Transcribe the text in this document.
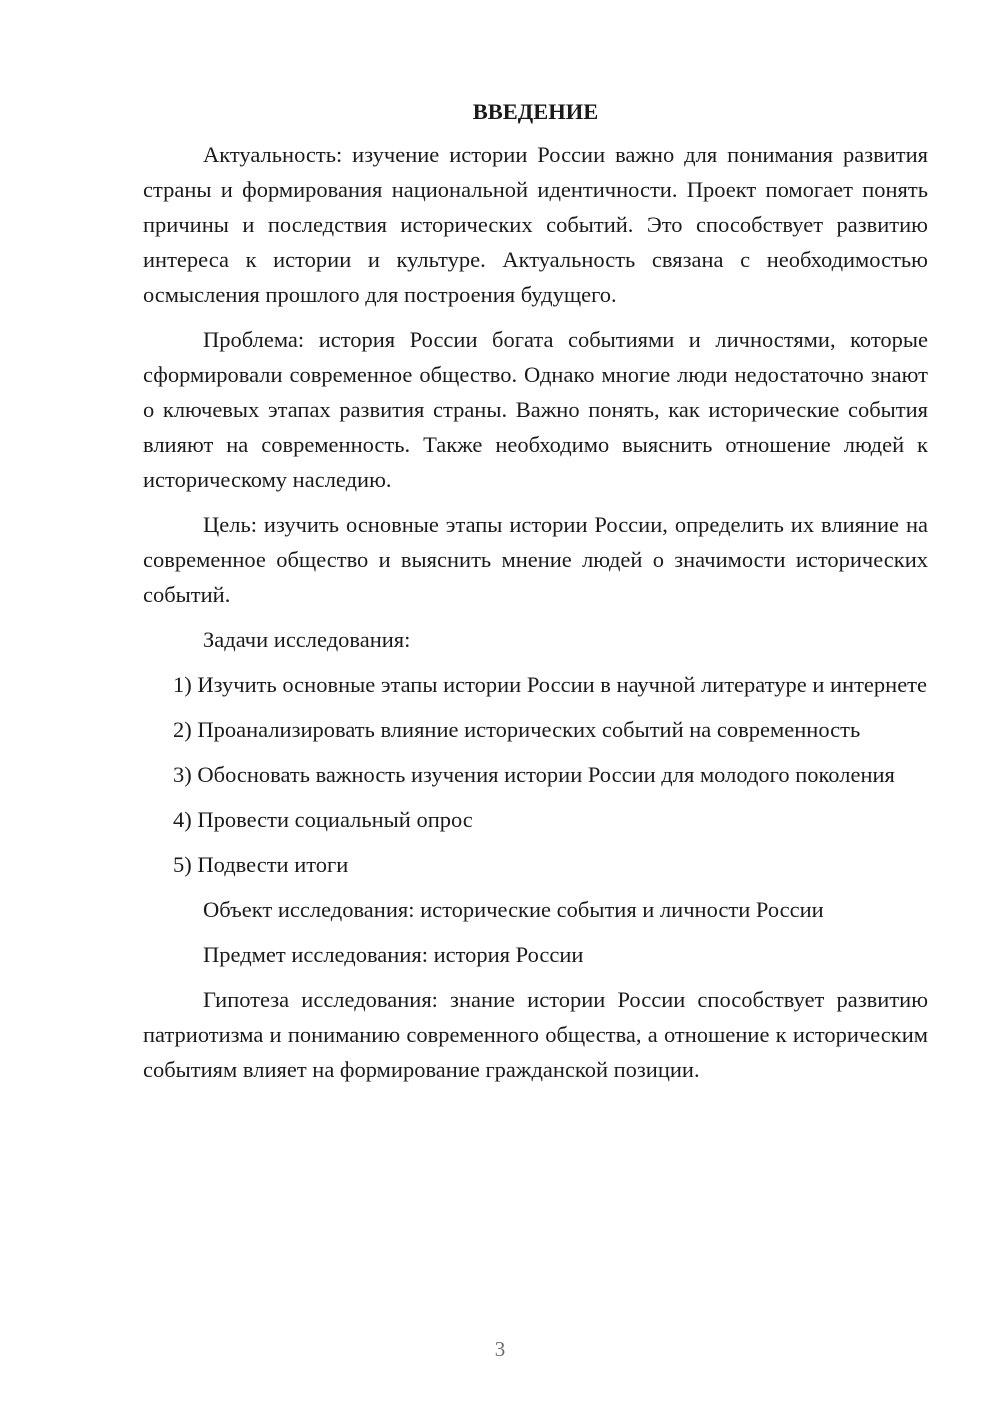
ВВЕДЕНИЕ

Актуальность: изучение истории России важно для понимания развития страны и формирования национальной идентичности. Проект помогает понять причины и последствия исторических событий. Это способствует развитию интереса к истории и культуре. Актуальность связана с необходимостью осмысления прошлого для построения будущего.

Проблема: история России богата событиями и личностями, которые сформировали современное общество. Однако многие люди недостаточно знают о ключевых этапах развития страны. Важно понять, как исторические события влияют на современность. Также необходимо выяснить отношение людей к историческому наследию.

Цель: изучить основные этапы истории России, определить их влияние на современное общество и выяснить мнение людей о значимости исторических событий.

Задачи исследования:

1) Изучить основные этапы истории России в научной литературе и интернете

2) Проанализировать влияние исторических событий на современность

3) Обосновать важность изучения истории России для молодого поколения

4) Провести социальный опрос

5) Подвести итоги

Объект исследования: исторические события и личности России

Предмет исследования: история России

Гипотеза исследования: знание истории России способствует развитию патриотизма и пониманию современного общества, а отношение к историческим событиям влияет на формирование гражданской позиции.

3
